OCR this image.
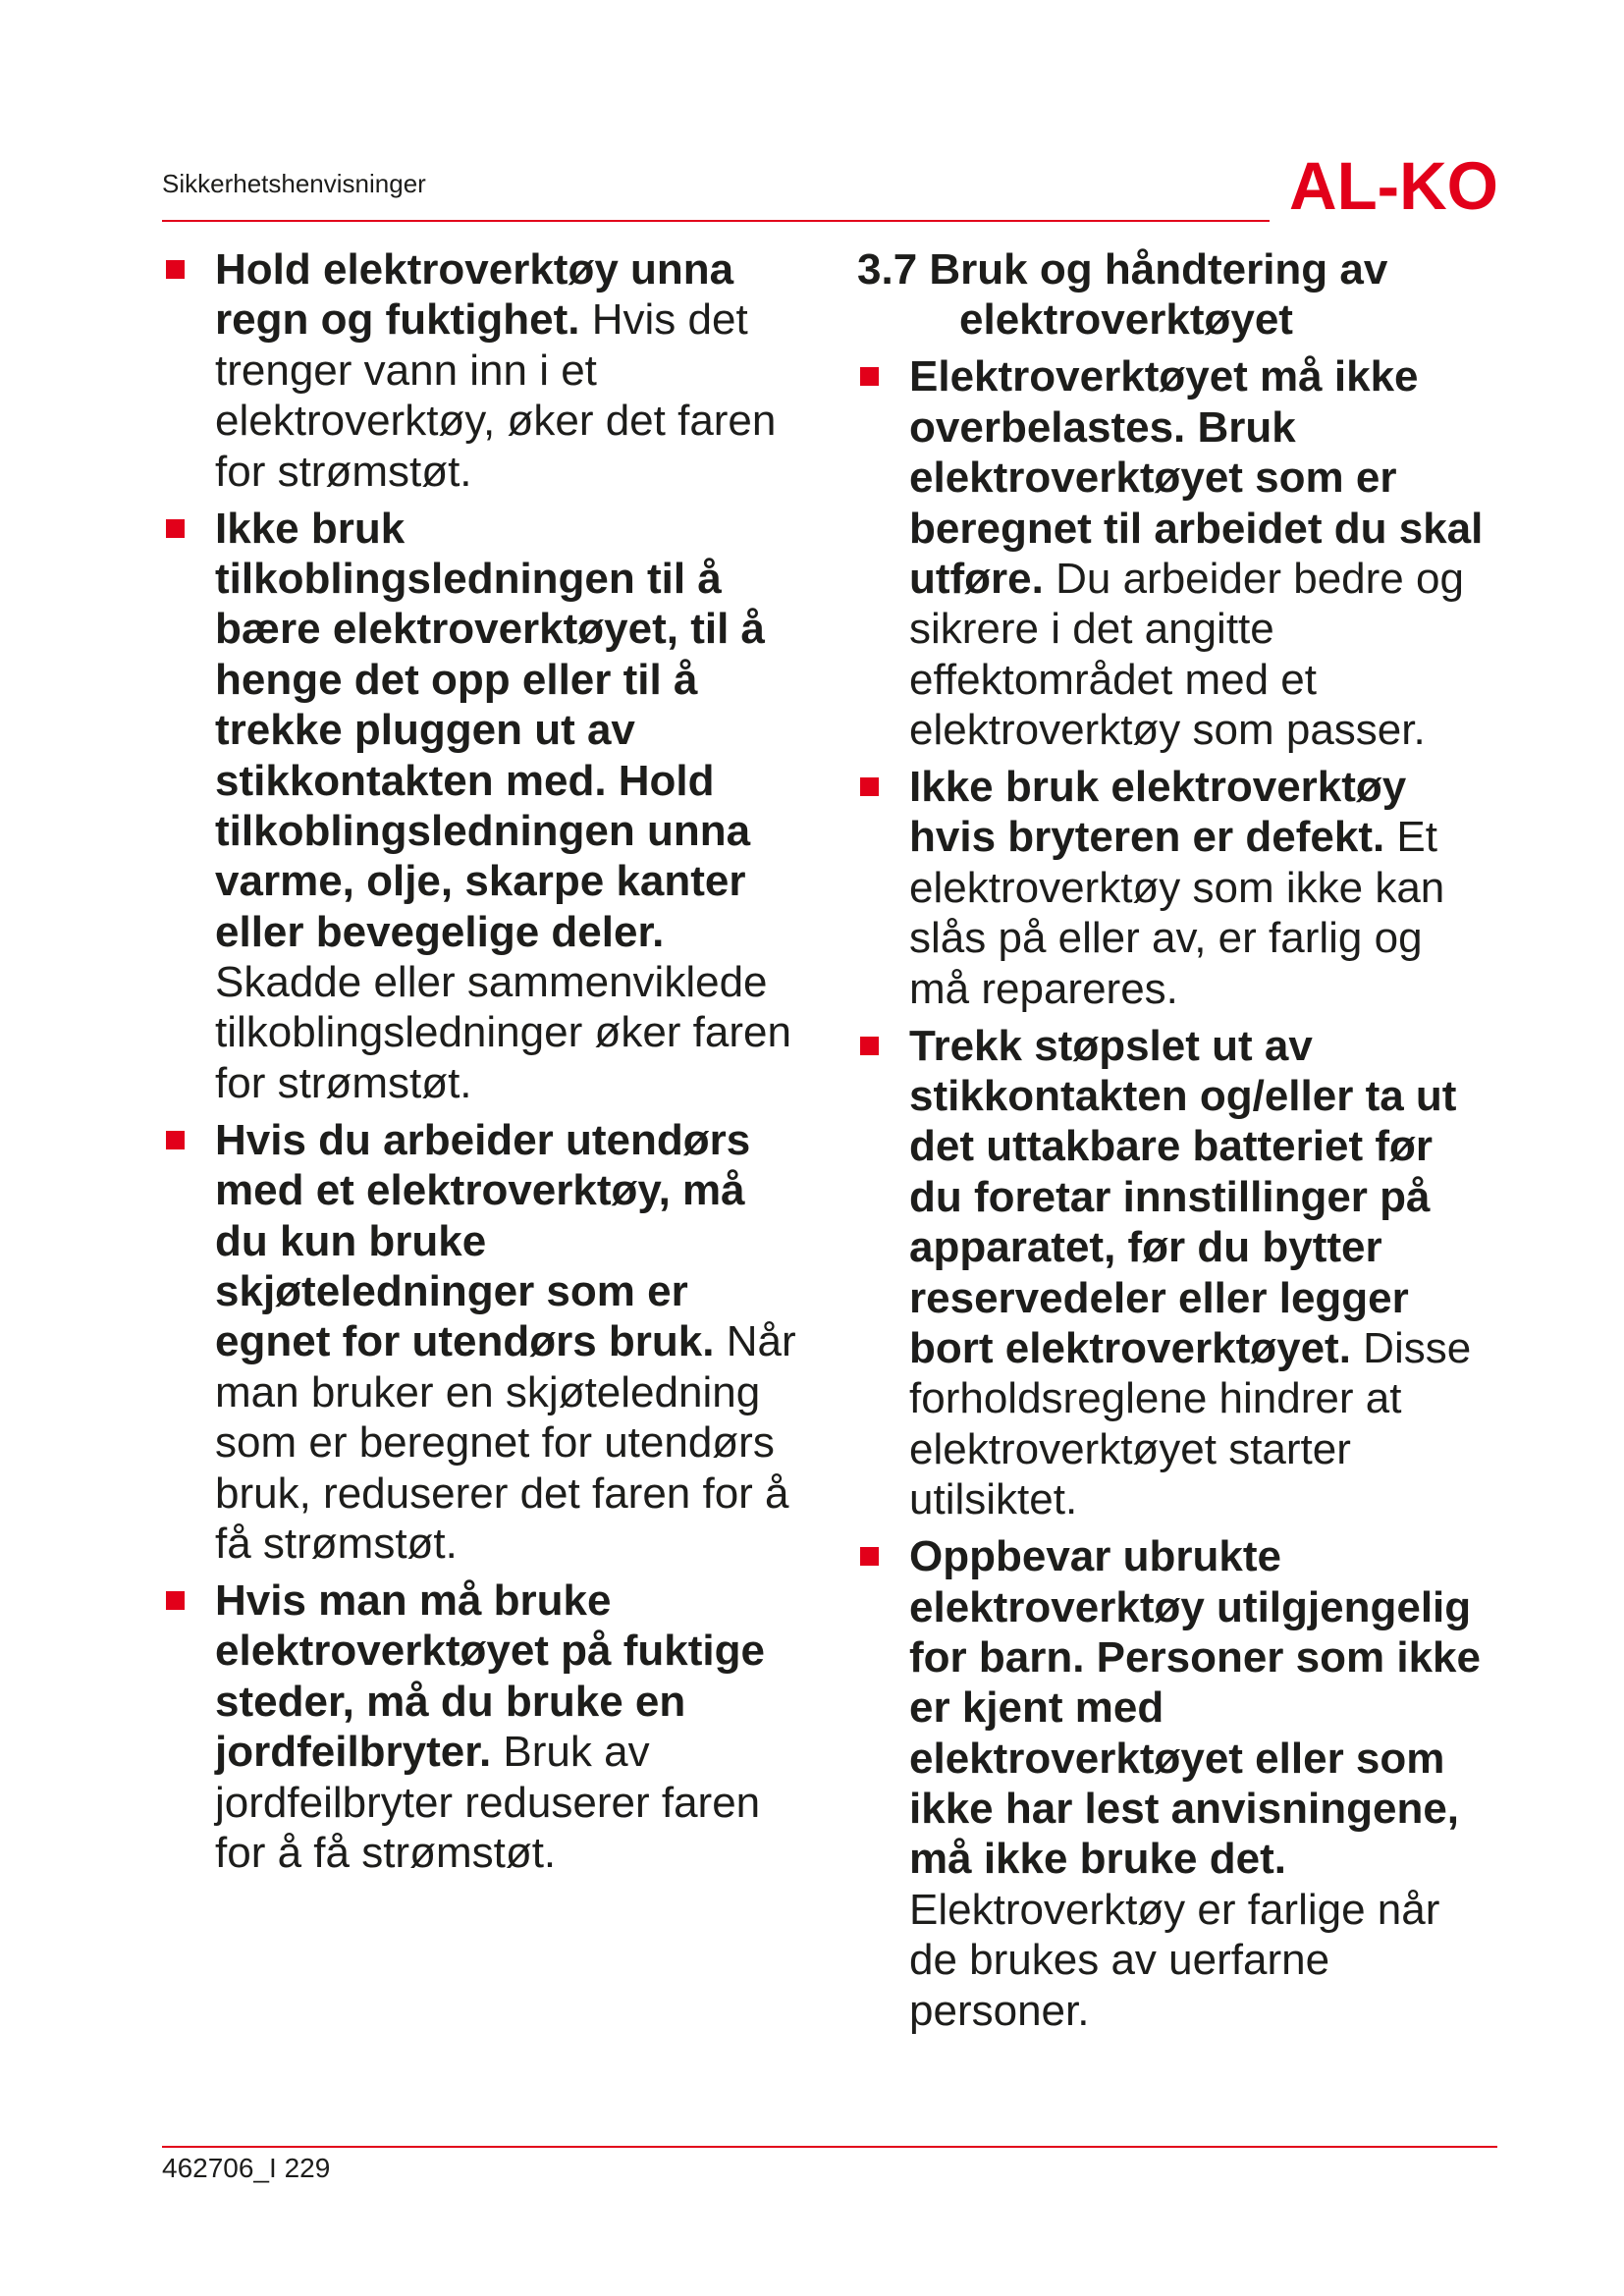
Sikkerhetshenvisninger	AL-KO
Hold elektroverktøy unna
regn og fuktighet. Hvis det
trenger vann inn i et
elektroverktøy, øker det faren
for strømstøt.
Ikke bruk
tilkoblingsledningen til å
bære elektroverktøyet, til å
henge det opp eller til å
trekke pluggen ut av
stikkontakten med. Hold
tilkoblingsledningen unna
varme, olje, skarpe kanter
eller bevegelige deler.
Skadde eller sammenviklede
tilkoblingsledninger øker faren
for strømstøt.
Hvis du arbeider utendørs
med et elektroverktøy, må
du kun bruke
skjøteledninger som er
egnet for utendørs bruk. Når
man bruker en skjøteledning
som er beregnet for utendørs
bruk, reduserer det faren for å
få strømstøt.
Hvis man må bruke
elektroverktøyet på fuktige
steder, må du bruke en
jordfeilbryter. Bruk av
jordfeilbryter reduserer faren
for å få strømstøt.
3.7 Bruk og håndtering av
elektroverktøyet
Elektroverktøyet må ikke
overbelastes. Bruk
elektroverktøyet som er
beregnet til arbeidet du skal
utføre. Du arbeider bedre og
sikrere i det angitte
effektområdet med et
elektroverktøy som passer.
Ikke bruk elektroverktøy
hvis bryteren er defekt. Et
elektroverktøy som ikke kan
slås på eller av, er farlig og
må repareres.
Trekk støpslet ut av
stikkontakten og/eller ta ut
det uttakbare batteriet før
du foretar innstillinger på
apparatet, før du bytter
reservedeler eller legger
bort elektroverktøyet. Disse
forholdsreglene hindrer at
elektroverktøyet starter
utilsiktet.
Oppbevar ubrukte
elektroverktøy utilgjengelig
for barn. Personer som ikke
er kjent med
elektroverktøyet eller som
ikke har lest anvisningene,
må ikke bruke det.
Elektroverktøy er farlige når
de brukes av uerfarne
personer.
462706_I 229
